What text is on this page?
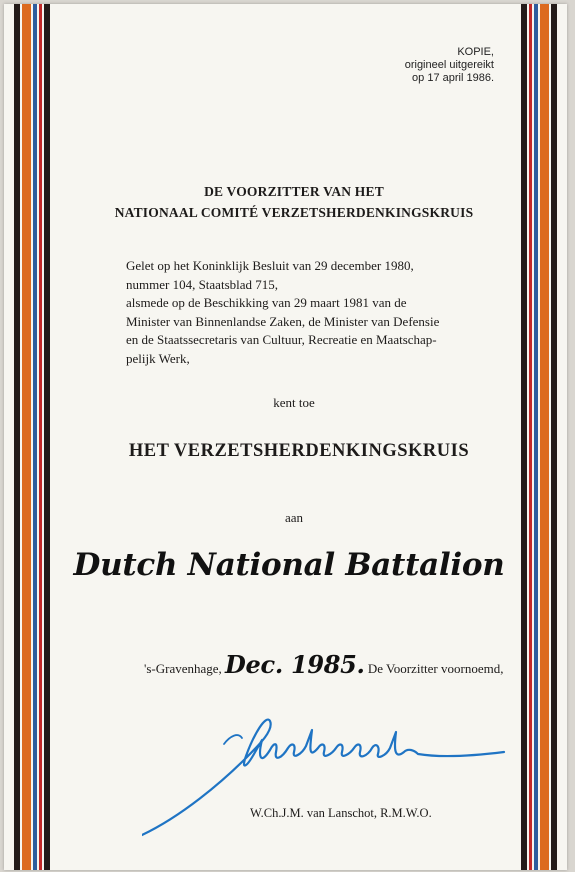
KOPIE,
origineel uitgereikt
op 17 april 1986.
DE VOORZITTER VAN HET
NATIONAAL COMITÉ VERZETSHERDENKINGSKRUIS
Gelet op het Koninklijk Besluit van 29 december 1980,
nummer 104, Staatsblad 715,
alsmede op de Beschikking van 29 maart 1981 van de
Minister van Binnenlandse Zaken, de Minister van Defensie
en de Staatssecretaris van Cultuur, Recreatie en Maatschap-
pelijk Werk,
kent toe
HET VERZETSHERDENKINGSKRUIS
aan
Dutch National Battalion
's-Gravenhage, Dec. 1985. De Voorzitter voornoemd,
W.Ch.J.M. van Lanschot, R.M.W.O.
